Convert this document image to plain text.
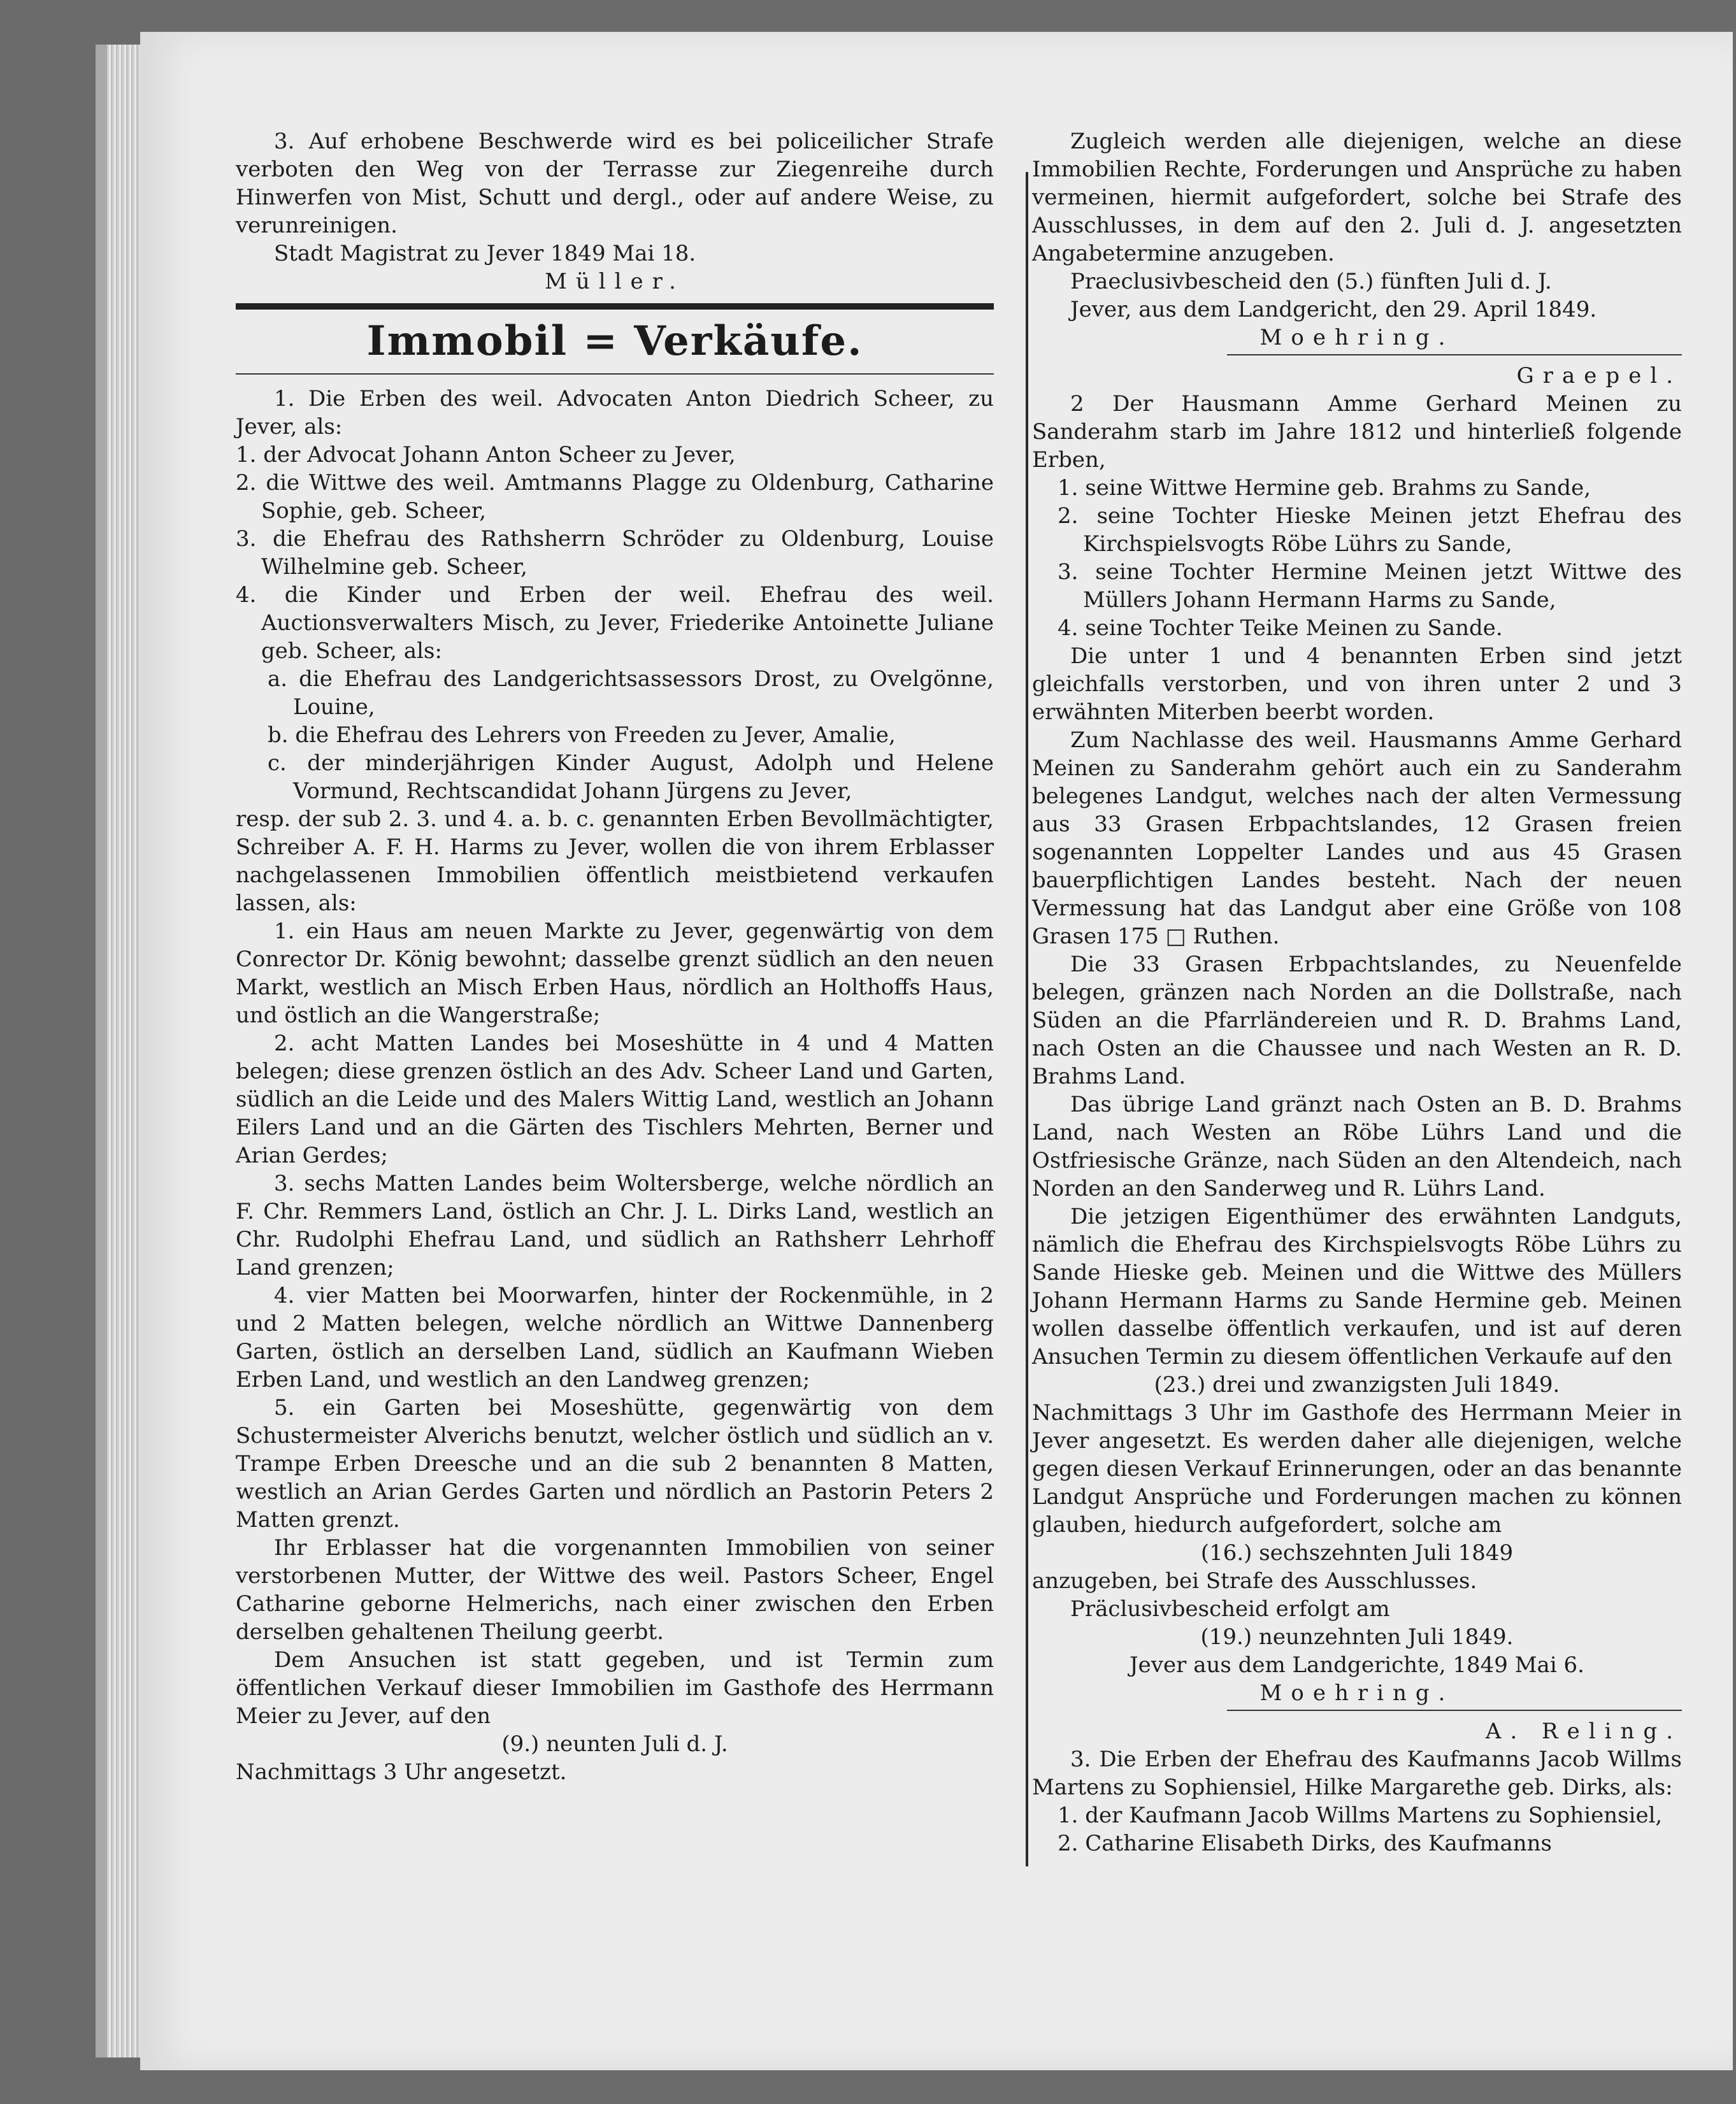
3. Auf erhobene Beschwerde wird es bei policeilicher Strafe verboten den Weg von der Terrasse zur Ziegenreihe durch Hinwerfen von Mist, Schutt und dergl., oder auf andere Weise, zu verunreinigen.

Stadt Magistrat zu Jever 1849 Mai 18.

Müller.

Immobil = Verkäufe.

1. Die Erben des weil. Advocaten Anton Diedrich Scheer, zu Jever, als:

1. der Advocat Johann Anton Scheer zu Jever,

2. die Wittwe des weil. Amtmanns Plagge zu Oldenburg, Catharine Sophie, geb. Scheer,

3. die Ehefrau des Rathsherrn Schröder zu Oldenburg, Louise Wilhelmine geb. Scheer,

4. die Kinder und Erben der weil. Ehefrau des weil. Auctionsverwalters Misch, zu Jever, Friederike Antoinette Juliane geb. Scheer, als:

a. die Ehefrau des Landgerichtsassessors Drost, zu Ovelgönne, Louine,

b. die Ehefrau des Lehrers von Freeden zu Jever, Amalie,

c. der minderjährigen Kinder August, Adolph und Helene Vormund, Rechtscandidat Johann Jürgens zu Jever,

resp. der sub 2. 3. und 4. a. b. c. genannten Erben Bevollmächtigter, Schreiber A. F. H. Harms zu Jever, wollen die von ihrem Erblasser nachgelassenen Immobilien öffentlich meistbietend verkaufen lassen, als:

1. ein Haus am neuen Markte zu Jever, gegenwärtig von dem Conrector Dr. König bewohnt; dasselbe grenzt südlich an den neuen Markt, westlich an Misch Erben Haus, nördlich an Holthoffs Haus, und östlich an die Wangerstraße;

2. acht Matten Landes bei Moseshütte in 4 und 4 Matten belegen; diese grenzen östlich an des Adv. Scheer Land und Garten, südlich an die Leide und des Malers Wittig Land, westlich an Johann Eilers Land und an die Gärten des Tischlers Mehrten, Berner und Arian Gerdes;

3. sechs Matten Landes beim Woltersberge, welche nördlich an F. Chr. Remmers Land, östlich an Chr. J. L. Dirks Land, westlich an Chr. Rudolphi Ehefrau Land, und südlich an Rathsherr Lehrhoff Land grenzen;

4. vier Matten bei Moorwarfen, hinter der Rockenmühle, in 2 und 2 Matten belegen, welche nördlich an Wittwe Dannenberg Garten, östlich an derselben Land, südlich an Kaufmann Wieben Erben Land, und westlich an den Landweg grenzen;

5. ein Garten bei Moseshütte, gegenwärtig von dem Schustermeister Alverichs benutzt, welcher östlich und südlich an v. Trampe Erben Dreesche und an die sub 2 benannten 8 Matten, westlich an Arian Gerdes Garten und nördlich an Pastorin Peters 2 Matten grenzt.

Ihr Erblasser hat die vorgenannten Immobilien von seiner verstorbenen Mutter, der Wittwe des weil. Pastors Scheer, Engel Catharine geborne Helmerichs, nach einer zwischen den Erben derselben gehaltenen Theilung geerbt.

Dem Ansuchen ist statt gegeben, und ist Termin zum öffentlichen Verkauf dieser Immobilien im Gasthofe des Herrmann Meier zu Jever, auf den

(9.) neunten Juli d. J.

Nachmittags 3 Uhr angesetzt.

Zugleich werden alle diejenigen, welche an diese Immobilien Rechte, Forderungen und Ansprüche zu haben vermeinen, hiermit aufgefordert, solche bei Strafe des Ausschlusses, in dem auf den 2. Juli d. J. angesetzten Angabetermine anzugeben.

Praeclusivbescheid den (5.) fünften Juli d. J.

Jever, aus dem Landgericht, den 29. April 1849.

Moehring.

Graepel.

2 Der Hausmann Amme Gerhard Meinen zu Sanderahm starb im Jahre 1812 und hinterließ folgende Erben,

1. seine Wittwe Hermine geb. Brahms zu Sande,

2. seine Tochter Hieske Meinen jetzt Ehefrau des Kirchspielsvogts Röbe Lührs zu Sande,

3. seine Tochter Hermine Meinen jetzt Wittwe des Müllers Johann Hermann Harms zu Sande,

4. seine Tochter Teike Meinen zu Sande.

Die unter 1 und 4 benannten Erben sind jetzt gleichfalls verstorben, und von ihren unter 2 und 3 erwähnten Miterben beerbt worden.

Zum Nachlasse des weil. Hausmanns Amme Gerhard Meinen zu Sanderahm gehört auch ein zu Sanderahm belegenes Landgut, welches nach der alten Vermessung aus 33 Grasen Erbpachtslandes, 12 Grasen freien sogenannten Loppelter Landes und aus 45 Grasen bauerpflichtigen Landes besteht. Nach der neuen Vermessung hat das Landgut aber eine Größe von 108 Grasen 175 □ Ruthen.

Die 33 Grasen Erbpachtslandes, zu Neuenfelde belegen, gränzen nach Norden an die Dollstraße, nach Süden an die Pfarrländereien und R. D. Brahms Land, nach Osten an die Chaussee und nach Westen an R. D. Brahms Land.

Das übrige Land gränzt nach Osten an B. D. Brahms Land, nach Westen an Röbe Lührs Land und die Ostfriesische Gränze, nach Süden an den Altendeich, nach Norden an den Sanderweg und R. Lührs Land.

Die jetzigen Eigenthümer des erwähnten Landguts, nämlich die Ehefrau des Kirchspielsvogts Röbe Lührs zu Sande Hieske geb. Meinen und die Wittwe des Müllers Johann Hermann Harms zu Sande Hermine geb. Meinen wollen dasselbe öffentlich verkaufen, und ist auf deren Ansuchen Termin zu diesem öffentlichen Verkaufe auf den

(23.) drei und zwanzigsten Juli 1849.

Nachmittags 3 Uhr im Gasthofe des Herrmann Meier in Jever angesetzt. Es werden daher alle diejenigen, welche gegen diesen Verkauf Erinnerungen, oder an das benannte Landgut Ansprüche und Forderungen machen zu können glauben, hiedurch aufgefordert, solche am

(16.) sechszehnten Juli 1849

anzugeben, bei Strafe des Ausschlusses.

Präclusivbescheid erfolgt am

(19.) neunzehnten Juli 1849.

Jever aus dem Landgerichte, 1849 Mai 6.

Moehring.

A. Reling.

3. Die Erben der Ehefrau des Kaufmanns Jacob Willms Martens zu Sophiensiel, Hilke Margarethe geb. Dirks, als:

1. der Kaufmann Jacob Willms Martens zu Sophiensiel,

2. Catharine Elisabeth Dirks, des Kaufmanns
